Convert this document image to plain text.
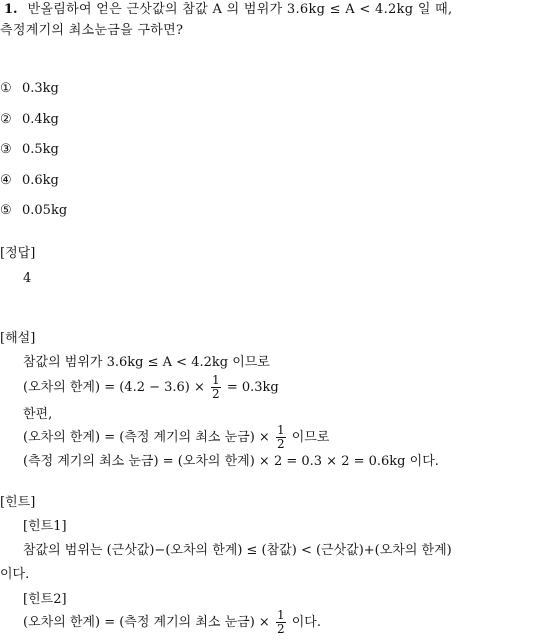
1. 반올림하여 얻은 근삿값의 참값 A 의 범위가 3.6kg ≤ A < 4.2kg 일 때,
측정계기의 최소눈금을 구하면?
① 0.3kg
② 0.4kg
③ 0.5kg
④ 0.6kg
⑤ 0.05kg
[정답]
4
[해설]
참값의 범위가 3.6kg ≤ A < 4.2kg 이므로
(오차의 한계) = $(4.2 - 3.6) \times \frac{1}{2} = 0.3kg$
한편,
(오차의 한계) = (측정 계기의 최소 눈금) × $\frac{1}{2}$ 이므로
(측정 계기의 최소 눈금) = (오차의 한계) × 2 = 0.3 × 2 = 0.6kg 이다.
[힌트]
[힌트1]
참값의 범위는 (근삿값)−(오차의 한계) ≤ (참값) < (근삿값)+(오차의 한계)
이다.
[힌트2]
(오차의 한계) = (측정 계기의 최소 눈금) × $\frac{1}{2}$ 이다.
